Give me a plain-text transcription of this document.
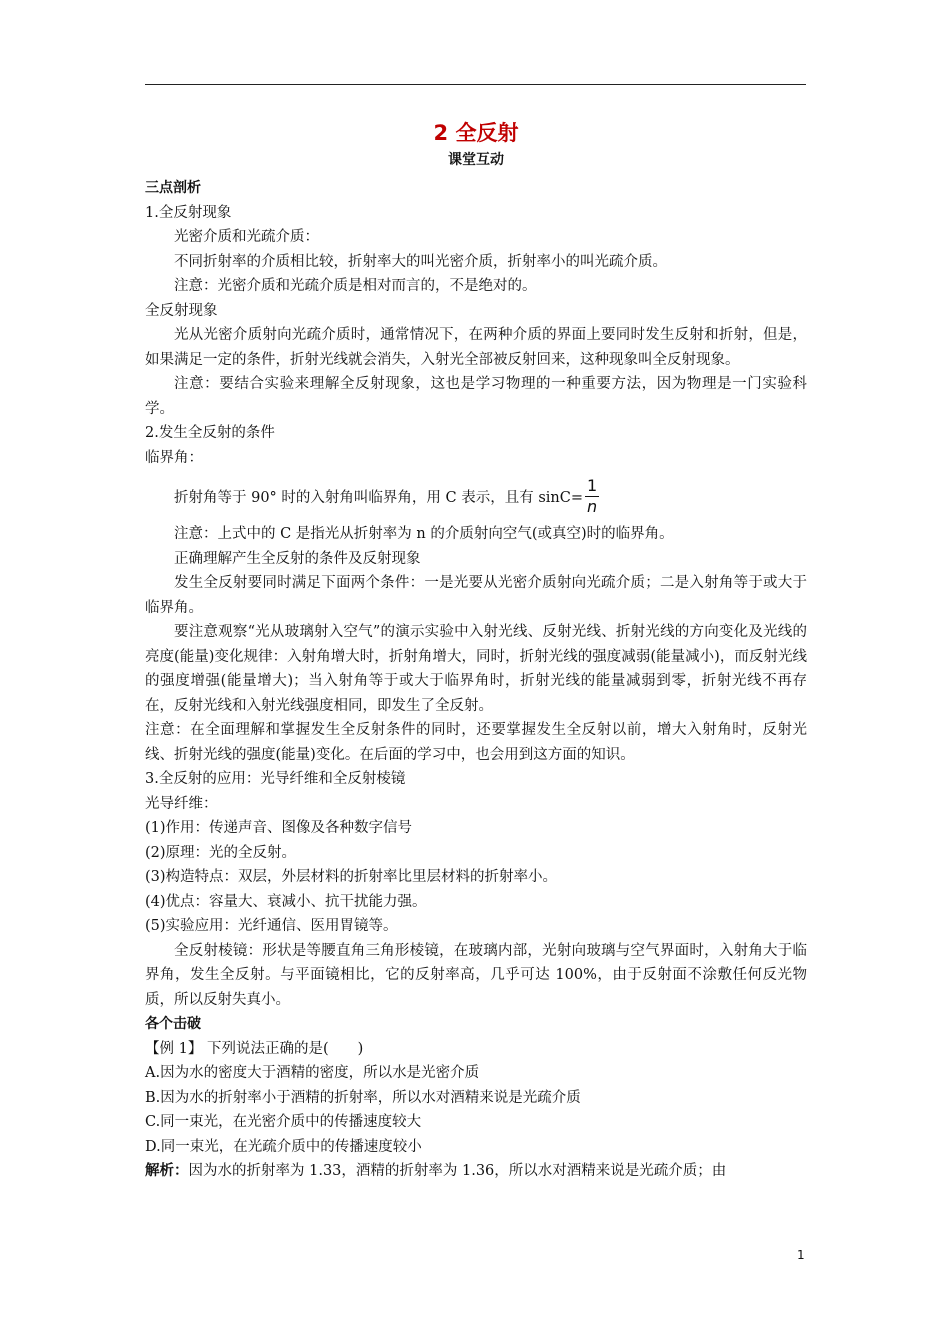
2 全反射
课堂互动
三点剖析

1.全反射现象

光密介质和光疏介质：

不同折射率的介质相比较，折射率大的叫光密介质，折射率小的叫光疏介质。

注意：光密介质和光疏介质是相对而言的，不是绝对的。

全反射现象

光从光密介质射向光疏介质时，通常情况下，在两种介质的界面上要同时发生反射和折射，但是，如果满足一定的条件，折射光线就会消失，入射光全部被反射回来，这种现象叫全反射现象。

注意：要结合实验来理解全反射现象，这也是学习物理的一种重要方法，因为物理是一门实验科学。

2.发生全反射的条件

临界角：

折射角等于 90° 时的入射角叫临界角，用 C 表示，且有 $\sin C= \frac{1}{n}$

注意：上式中的 C 是指光从折射率为 n 的介质射向空气(或真空)时的临界角。

正确理解产生全反射的条件及反射现象

发生全反射要同时满足下面两个条件：一是光要从光密介质射向光疏介质；二是入射角等于或大于临界角。

要注意观察“光从玻璃射入空气”的演示实验中入射光线、反射光线、折射光线的方向变化及光线的亮度(能量)变化规律：入射角增大时，折射角增大，同时，折射光线的强度减弱(能量减小)，而反射光线的强度增强(能量增大)；当入射角等于或大于临界角时，折射光线的能量减弱到零，折射光线不再存在，反射光线和入射光线强度相同，即发生了全反射。

注意：在全面理解和掌握发生全反射条件的同时，还要掌握发生全反射以前，增大入射角时，反射光线、折射光线的强度(能量)变化。在后面的学习中，也会用到这方面的知识。

3.全反射的应用：光导纤维和全反射棱镜

光导纤维：

(1)作用：传递声音、图像及各种数字信号

(2)原理：光的全反射。

(3)构造特点：双层，外层材料的折射率比里层材料的折射率小。

(4)优点：容量大、衰减小、抗干扰能力强。

(5)实验应用：光纤通信、医用胃镜等。

全反射棱镜：形状是等腰直角三角形棱镜，在玻璃内部，光射向玻璃与空气界面时，入射角大于临界角，发生全反射。与平面镜相比，它的反射率高，几乎可达 100%，由于反射面不涂敷任何反光物质，所以反射失真小。

各个击破

【例 1】 下列说法正确的是(　　)

A.因为水的密度大于酒精的密度，所以水是光密介质

B.因为水的折射率小于酒精的折射率，所以水对酒精来说是光疏介质

C.同一束光，在光密介质中的传播速度较大

D.同一束光，在光疏介质中的传播速度较小

解析：因为水的折射率为 1.33，酒精的折射率为 1.36，所以水对酒精来说是光疏介质；由

1
